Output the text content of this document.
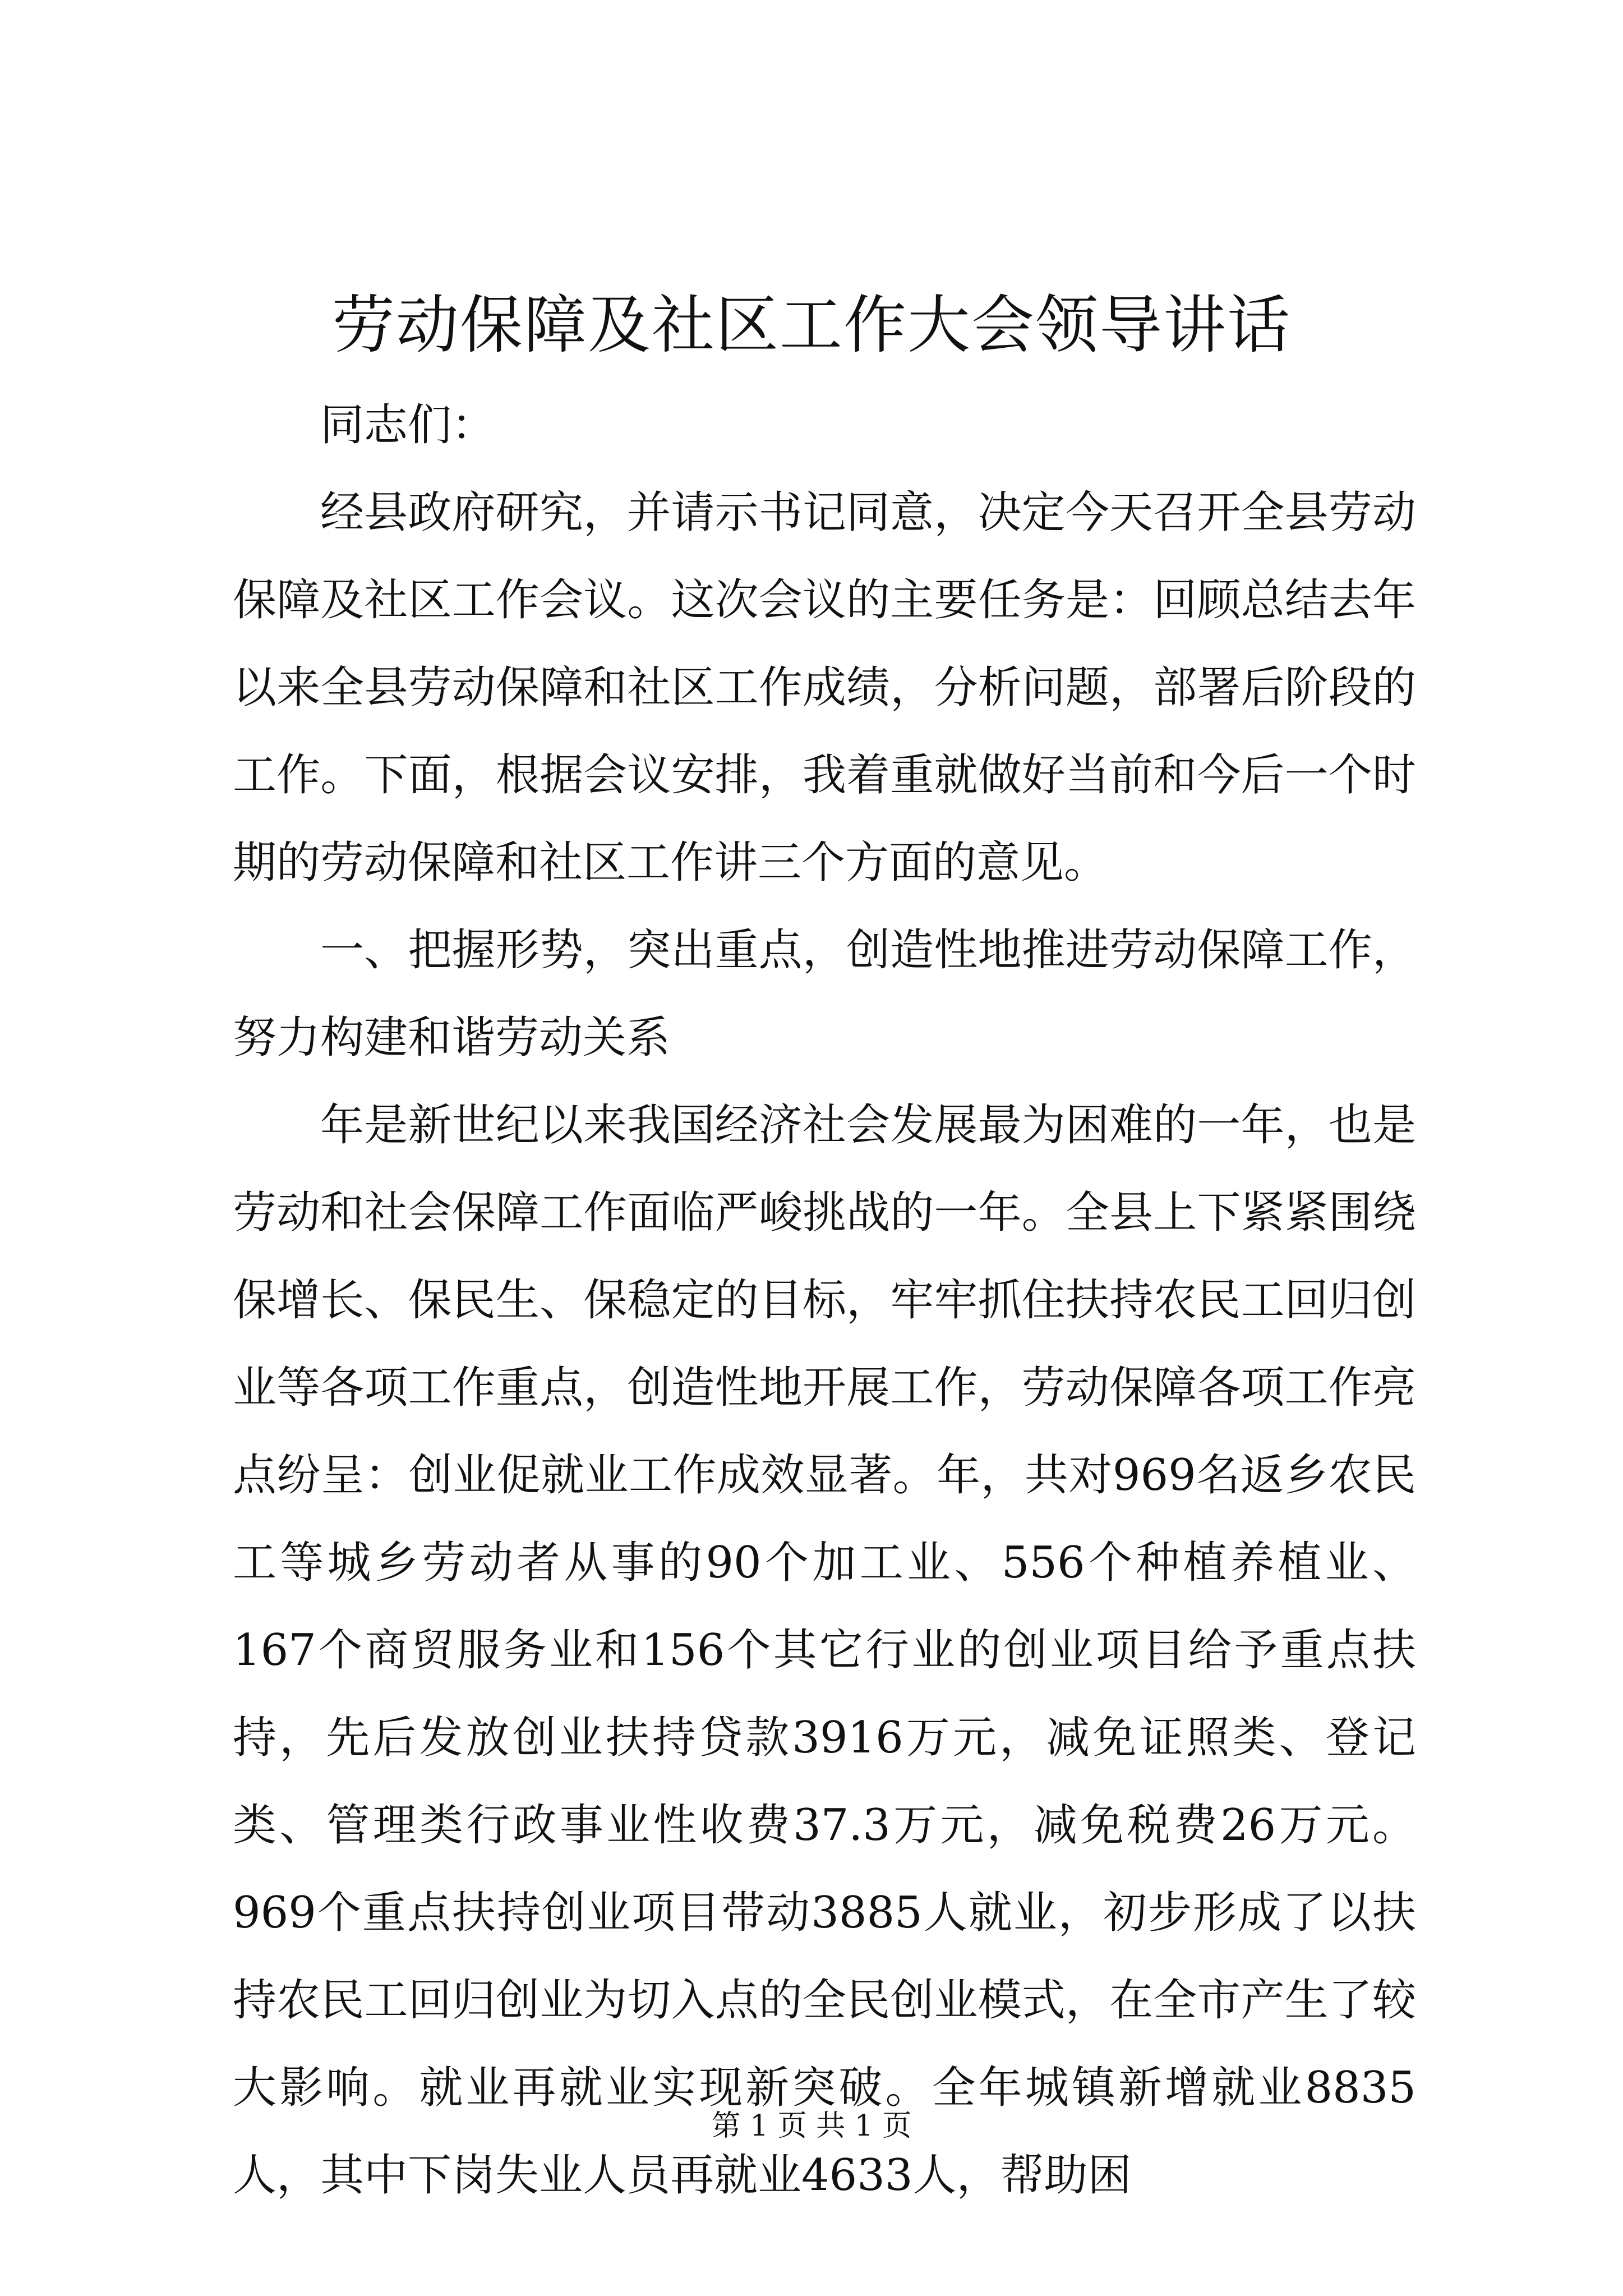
劳动保障及社区工作大会领导讲话

同志们：

经县政府研究，并请示书记同意，决定今天召开全县劳动保障及社区工作会议。这次会议的主要任务是：回顾总结去年以来全县劳动保障和社区工作成绩，分析问题，部署后阶段的工作。下面，根据会议安排，我着重就做好当前和今后一个时期的劳动保障和社区工作讲三个方面的意见。

一、把握形势，突出重点，创造性地推进劳动保障工作，努力构建和谐劳动关系

年是新世纪以来我国经济社会发展最为困难的一年，也是劳动和社会保障工作面临严峻挑战的一年。全县上下紧紧围绕保增长、保民生、保稳定的目标，牢牢抓住扶持农民工回归创业等各项工作重点，创造性地开展工作，劳动保障各项工作亮点纷呈：创业促就业工作成效显著。年，共对969名返乡农民工等城乡劳动者从事的90个加工业、556个种植养植业、167个商贸服务业和156个其它行业的创业项目给予重点扶持，先后发放创业扶持贷款3916万元，减免证照类、登记类、管理类行政事业性收费37.3万元，减免税费26万元。969个重点扶持创业项目带动3885人就业，初步形成了以扶持农民工回归创业为切入点的全民创业模式，在全市产生了较大影响。就业再就业实现新突破。全年城镇新增就业8835人，其中下岗失业人员再就业4633人，帮助困

第 1 页 共 1 页
